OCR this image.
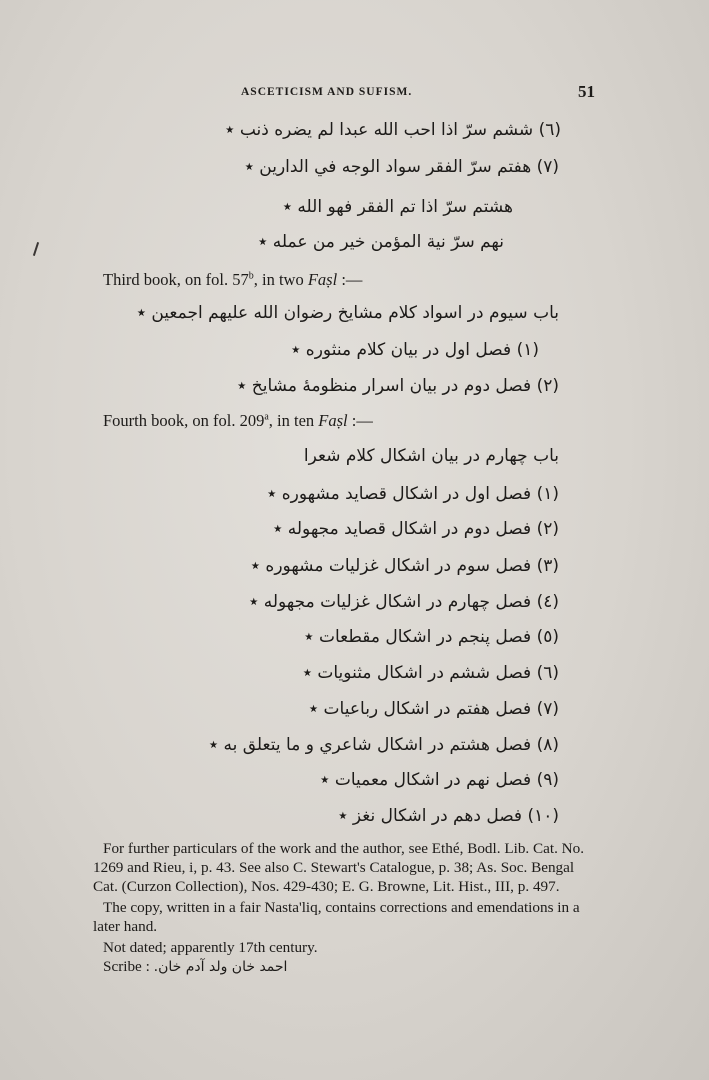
ASCETICISM AND SUFISM.	51
(٦) ششم سرّ اذا احب الله عبدا لم يضره ذنب ٭
(٧) هفتم سرّ الفقر سواد الوجه في الدارين ٭
هشتم سرّ اذا تم الفقر فهو الله ٭
نهم سرّ نية المؤمن خير من عمله ٭
Third book, on fol. 57$^b$, in two Faṣl :—
باب سيوم در اسواد كلام مشايخ رضوان الله عليهم اجمعين ٭
(١) فصل اول در بيان كلام منثوره ٭
(٢) فصل دوم در بيان اسرار منظومهٔ مشايخ ٭
Fourth book, on fol. 209$^a$, in ten Faṣl :—
باب چهارم در بيان اشكال كلام شعرا
(١) فصل اول در اشكال قصايد مشهوره ٭
(٢) فصل دوم در اشكال قصايد مجهوله ٭
(٣) فصل سوم در اشكال غزليات مشهوره ٭
(٤) فصل چهارم در اشكال غزليات مجهوله ٭
(٥) فصل پنجم در اشكال مقطعات ٭
(٦) فصل ششم در اشكال مثنويات ٭
(٧) فصل هفتم در اشكال رباعيات ٭
(٨) فصل هشتم در اشكال شاعري و ما يتعلق به ٭
(٩) فصل نهم در اشكال معميات ٭
(١٠) فصل دهم در اشكال نغز ٭

For further particulars of the work and the author, see Ethé, Bodl. Lib. Cat. No. 1269 and Rieu, i, p. 43. See also C. Stewart's Catalogue, p. 38; As. Soc. Bengal Cat. (Curzon Collection), Nos. 429-430; E. G. Browne, Lit. Hist., III, p. 497.

The copy, written in a fair Nasta'liq, contains corrections and emendations in a later hand.

Not dated; apparently 17th century.

Scribe : احمد خان ولد آدم خان.
